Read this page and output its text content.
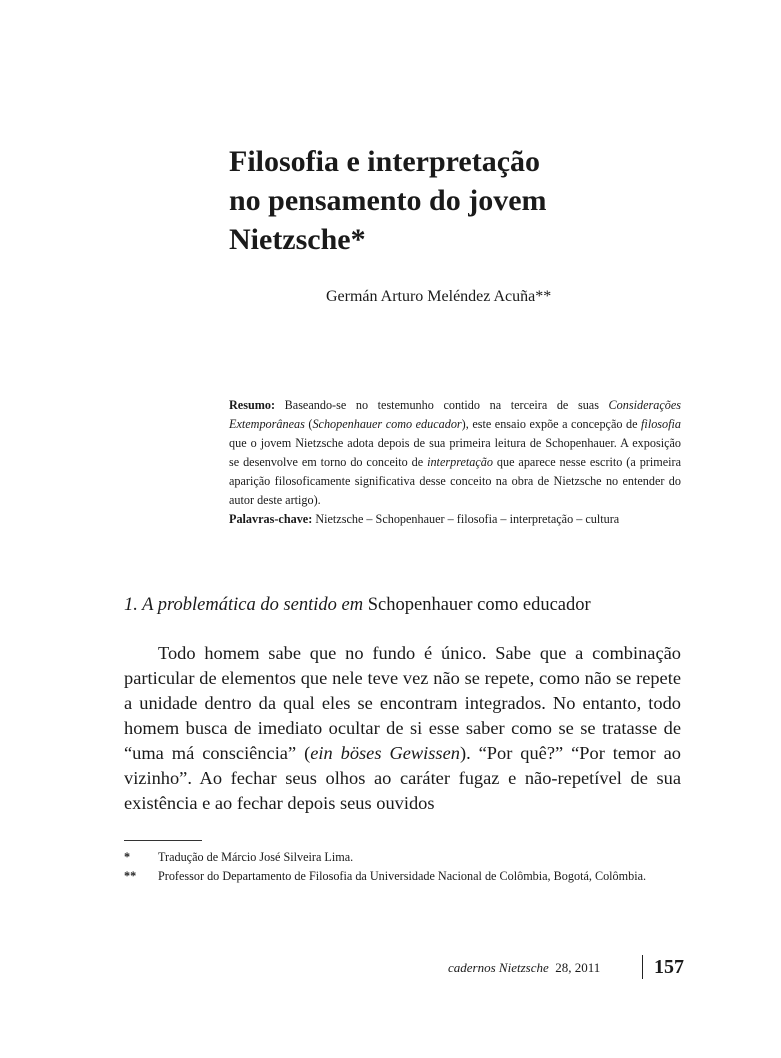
Filosofia e interpretação
no pensamento do jovem
Nietzsche*
Germán Arturo Meléndez Acuña**
Resumo: Baseando-se no testemunho contido na terceira de suas Considerações Extemporâneas (Schopenhauer como educador), este ensaio expõe a concepção de filosofia que o jovem Nietzsche adota depois de sua primeira leitura de Schopenhauer. A exposição se desenvolve em torno do conceito de interpretação que aparece nesse escrito (a primeira aparição filosoficamente significativa desse conceito na obra de Nietzsche no entender do autor deste artigo).
Palavras-chave: Nietzsche – Schopenhauer – filosofia – interpretação – cultura
1. A problemática do sentido em Schopenhauer como educador

Todo homem sabe que no fundo é único. Sabe que a combinação particular de elementos que nele teve vez não se repete, como não se repete a unidade dentro da qual eles se encontram integrados. No entanto, todo homem busca de imediato ocultar de si esse saber como se se tratasse de “uma má consciência” (ein böses Gewissen). “Por quê?” “Por temor ao vizinho”. Ao fechar seus olhos ao caráter fugaz e não-repetível de sua existência e ao fechar depois seus ouvidos

*	Tradução de Márcio José Silveira Lima.
**	Professor do Departamento de Filosofia da Universidade Nacional de Colômbia, Bogotá, Colômbia.
cadernos Nietzsche 28, 2011	157
